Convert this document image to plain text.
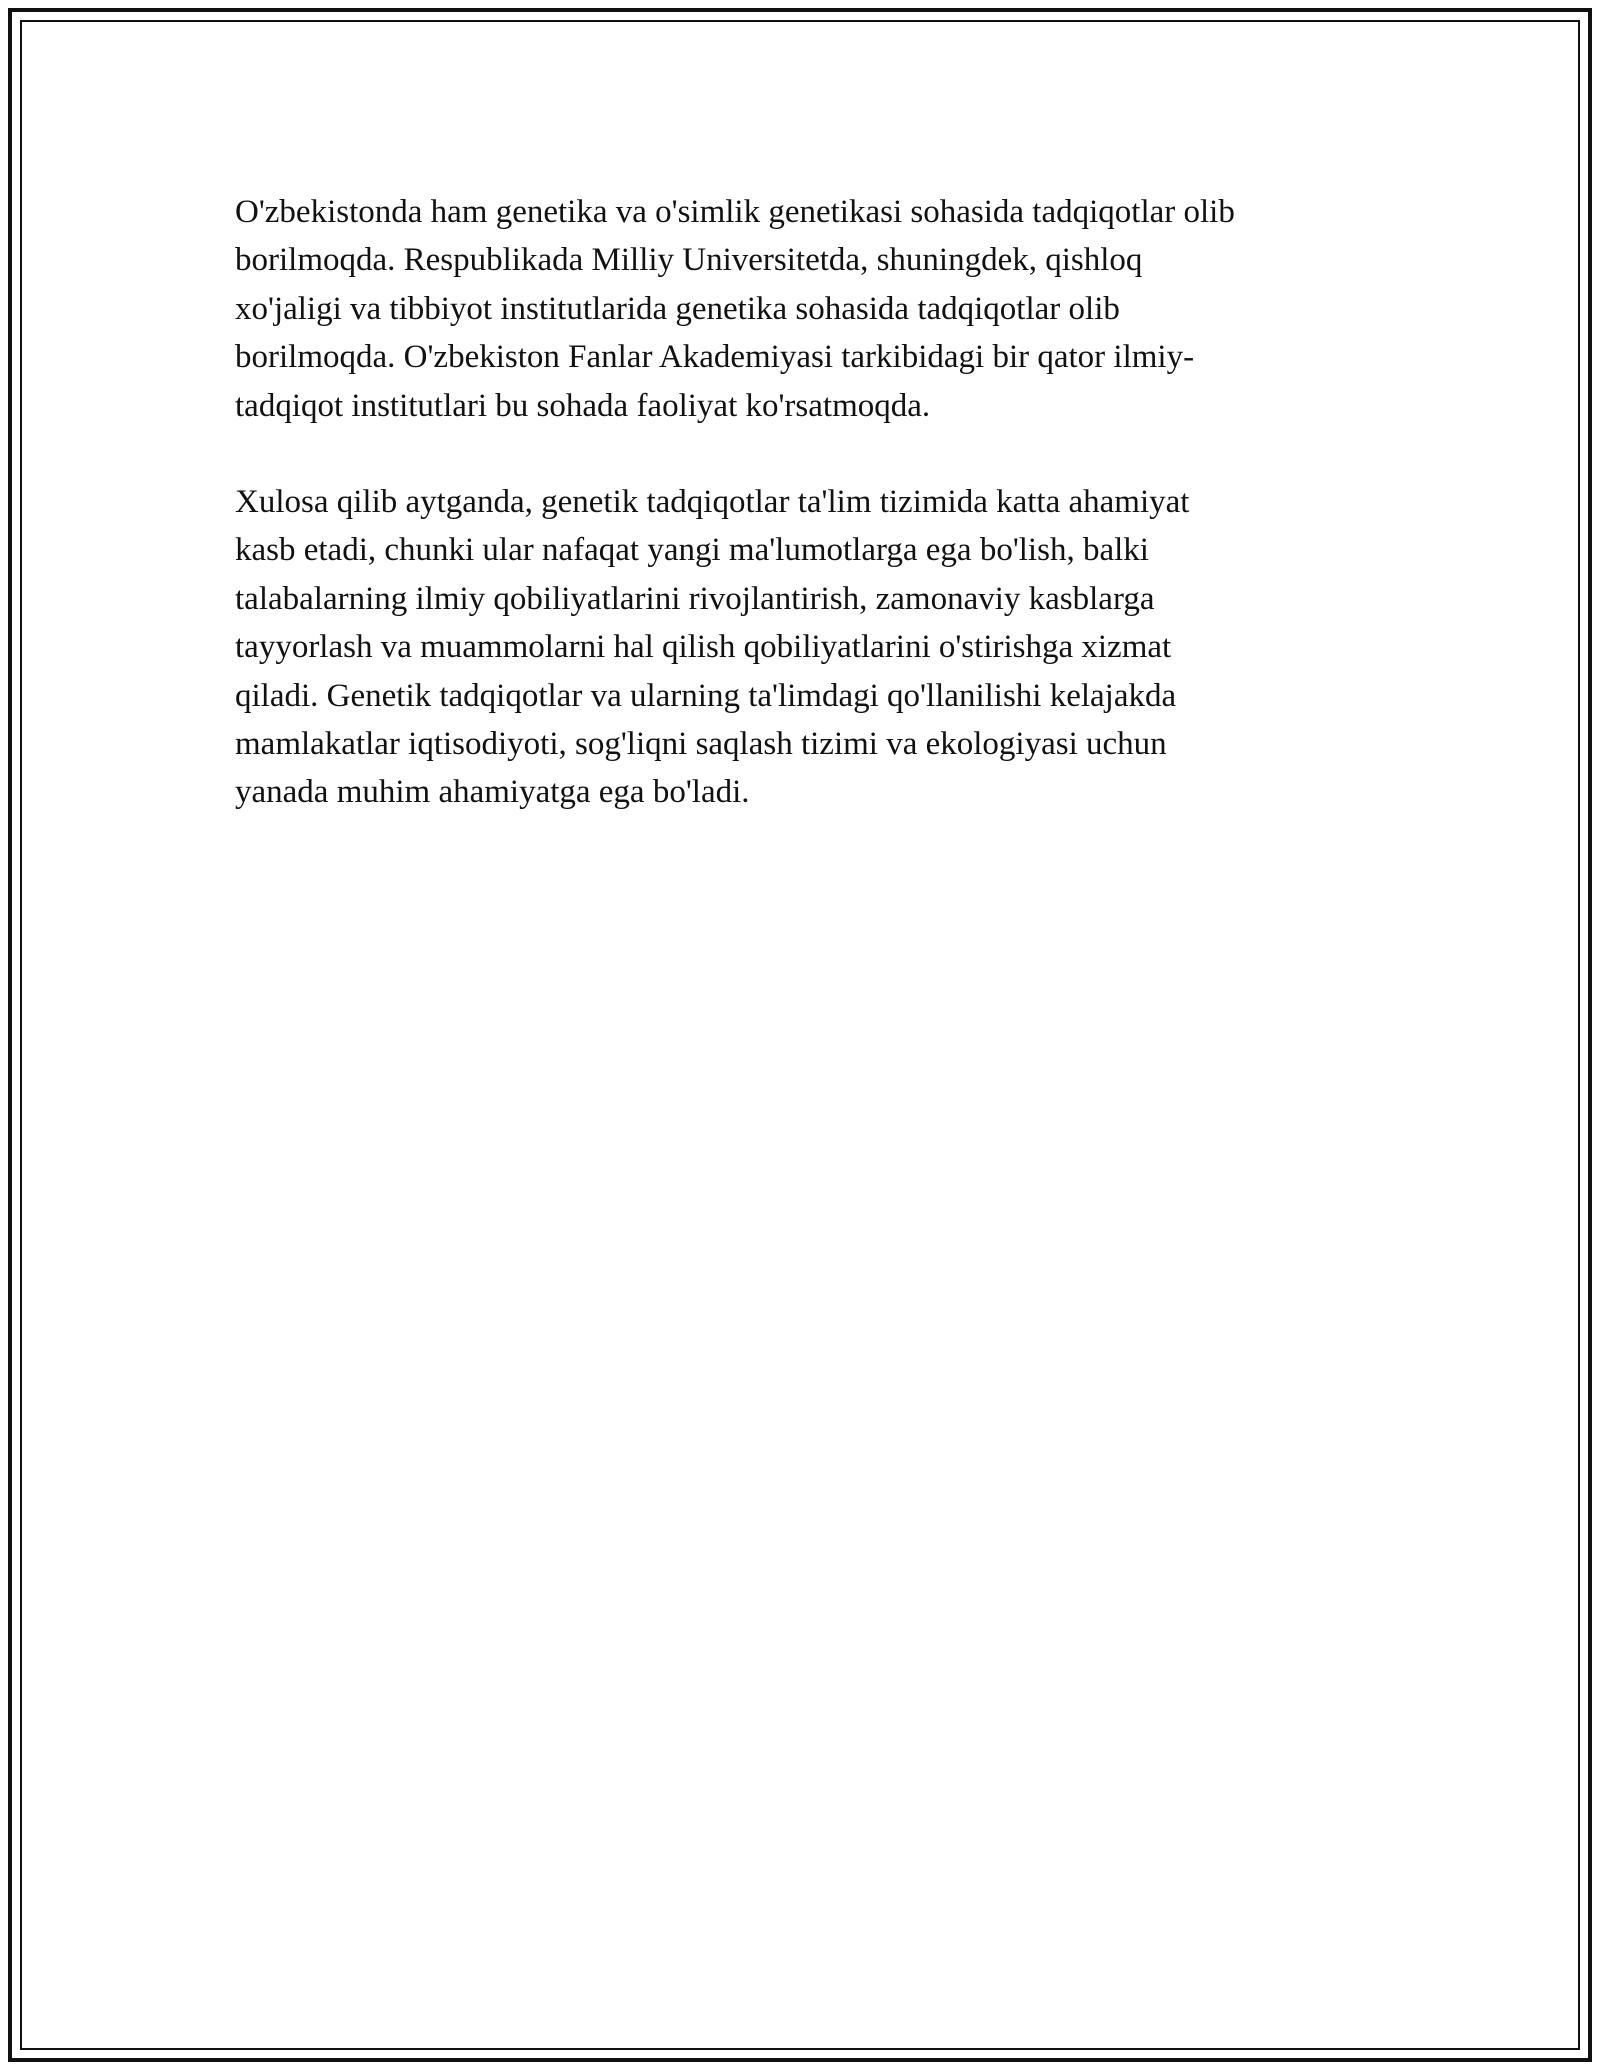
O'zbekistonda ham genetika va o'simlik genetikasi sohasida tadqiqotlar olib
borilmoqda. Respublikada Milliy Universitetda, shuningdek, qishloq
xo'jaligi va tibbiyot institutlarida genetika sohasida tadqiqotlar olib
borilmoqda. O'zbekiston Fanlar Akademiyasi tarkibidagi bir qator ilmiy-
tadqiqot institutlari bu sohada faoliyat ko'rsatmoqda.

Xulosa qilib aytganda, genetik tadqiqotlar ta'lim tizimida katta ahamiyat
kasb etadi, chunki ular nafaqat yangi ma'lumotlarga ega bo'lish, balki
talabalarning ilmiy qobiliyatlarini rivojlantirish, zamonaviy kasblarga
tayyorlash va muammolarni hal qilish qobiliyatlarini o'stirishga xizmat
qiladi. Genetik tadqiqotlar va ularning ta'limdagi qo'llanilishi kelajakda
mamlakatlar iqtisodiyoti, sog'liqni saqlash tizimi va ekologiyasi uchun
yanada muhim ahamiyatga ega bo'ladi.
